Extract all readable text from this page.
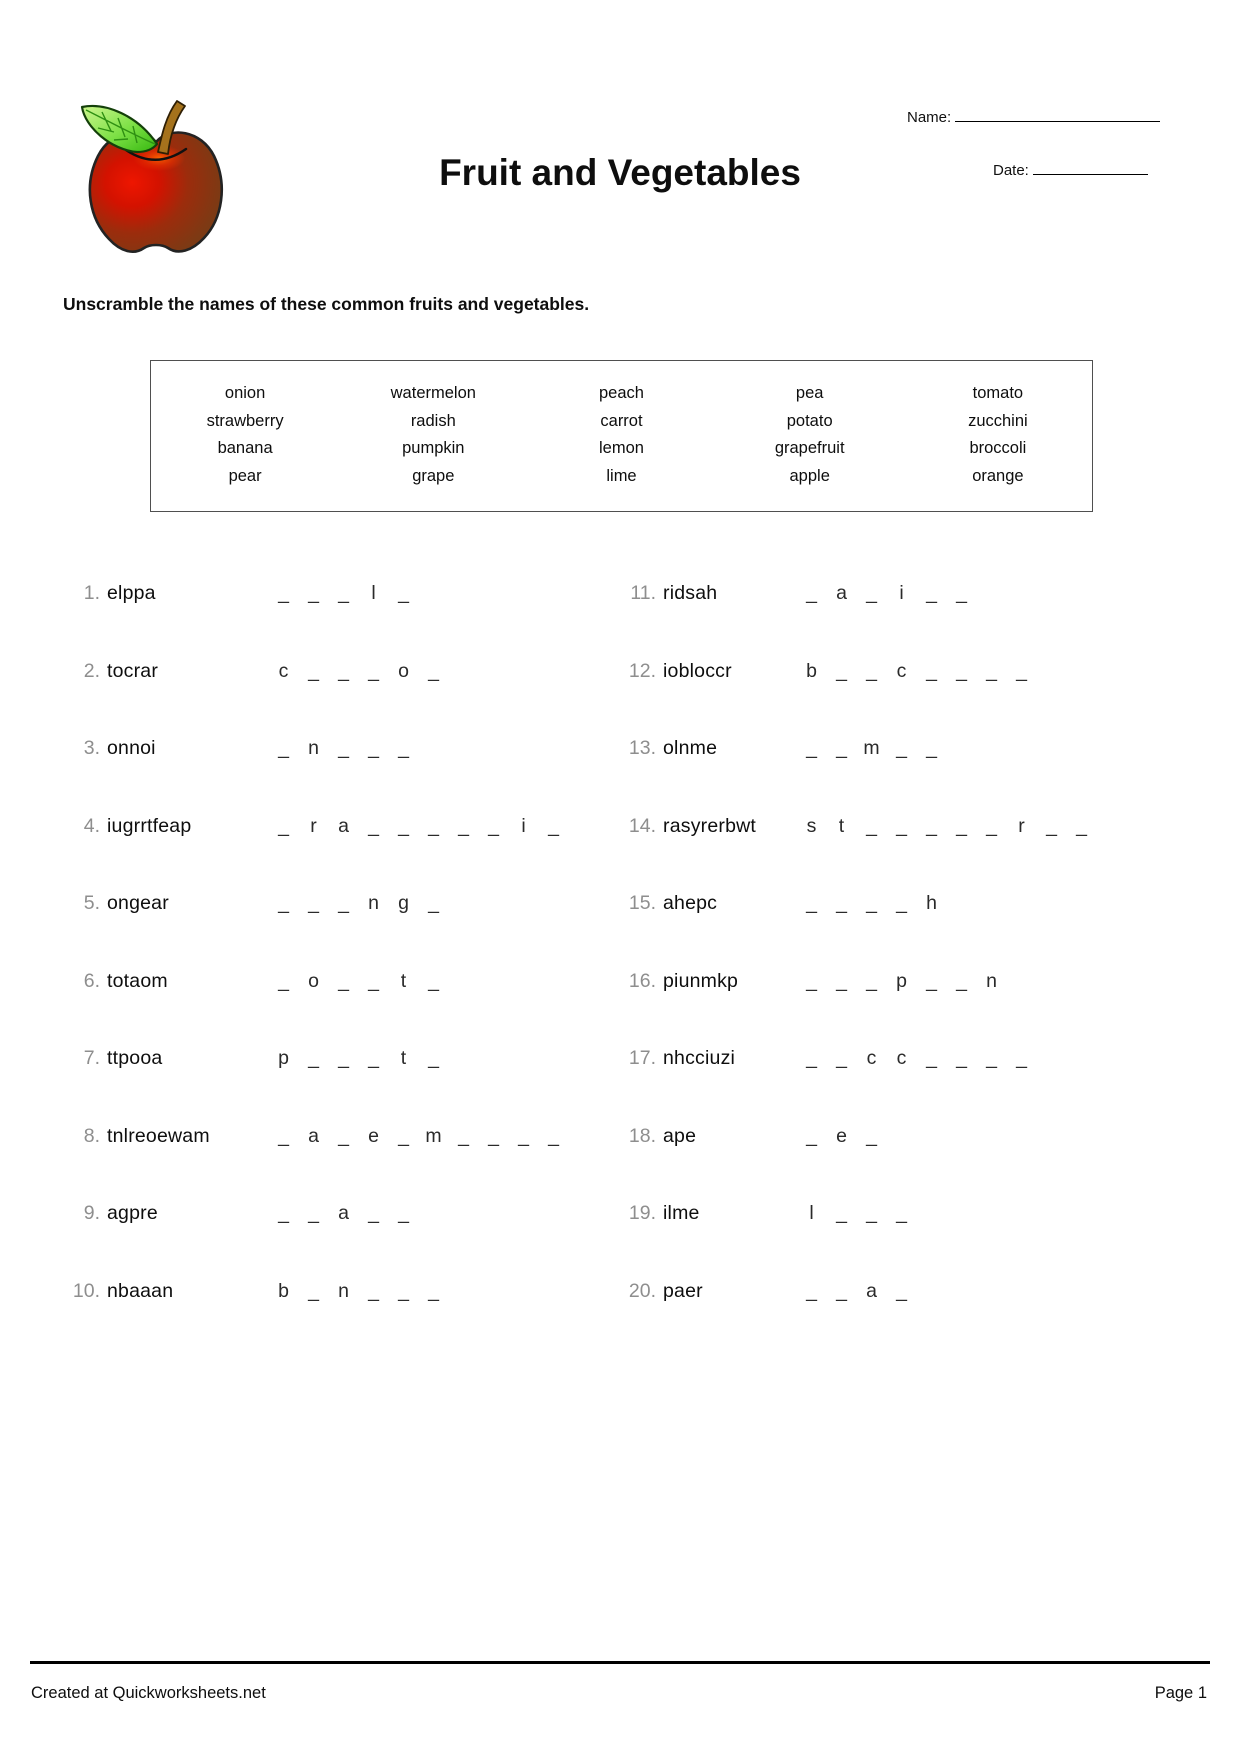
Fruit and Vegetables
Name:
Date:
Unscramble the names of these common fruits and vegetables.
onion	watermelon	peach	pea	tomato
strawberry	radish	carrot	potato	zucchini
banana	pumpkin	lemon	grapefruit	broccoli
pear	grape	lime	apple	orange
1. elppa	_ _ _ l _
2. tocrar	c _ _ _ o _
3. onnoi	_ n _ _ _
4. iugrrtfeap	_ r a _ _ _ _ _ i _
5. ongear	_ _ _ n g _
6. totaom	_ o _ _ t _
7. ttpooa	p _ _ _ t _
8. tnlreoewam	_ a _ e _ m _ _ _ _
9. agpre	_ _ a _ _
10. nbaaan	b _ n _ _ _
11. ridsah	_ a _ i _ _
12. iobloccr	b _ _ c _ _ _ _
13. olnme	_ _ m _ _
14. rasyrerbwt	s t _ _ _ _ _ r _ _
15. ahepc	_ _ _ _ h
16. piunmkp	_ _ _ p _ _ n
17. nhcciuzi	_ _ c c _ _ _ _
18. ape	_ e _
19. ilme	l _ _ _
20. paer	_ _ a _
Created at Quickworksheets.net	Page 1
